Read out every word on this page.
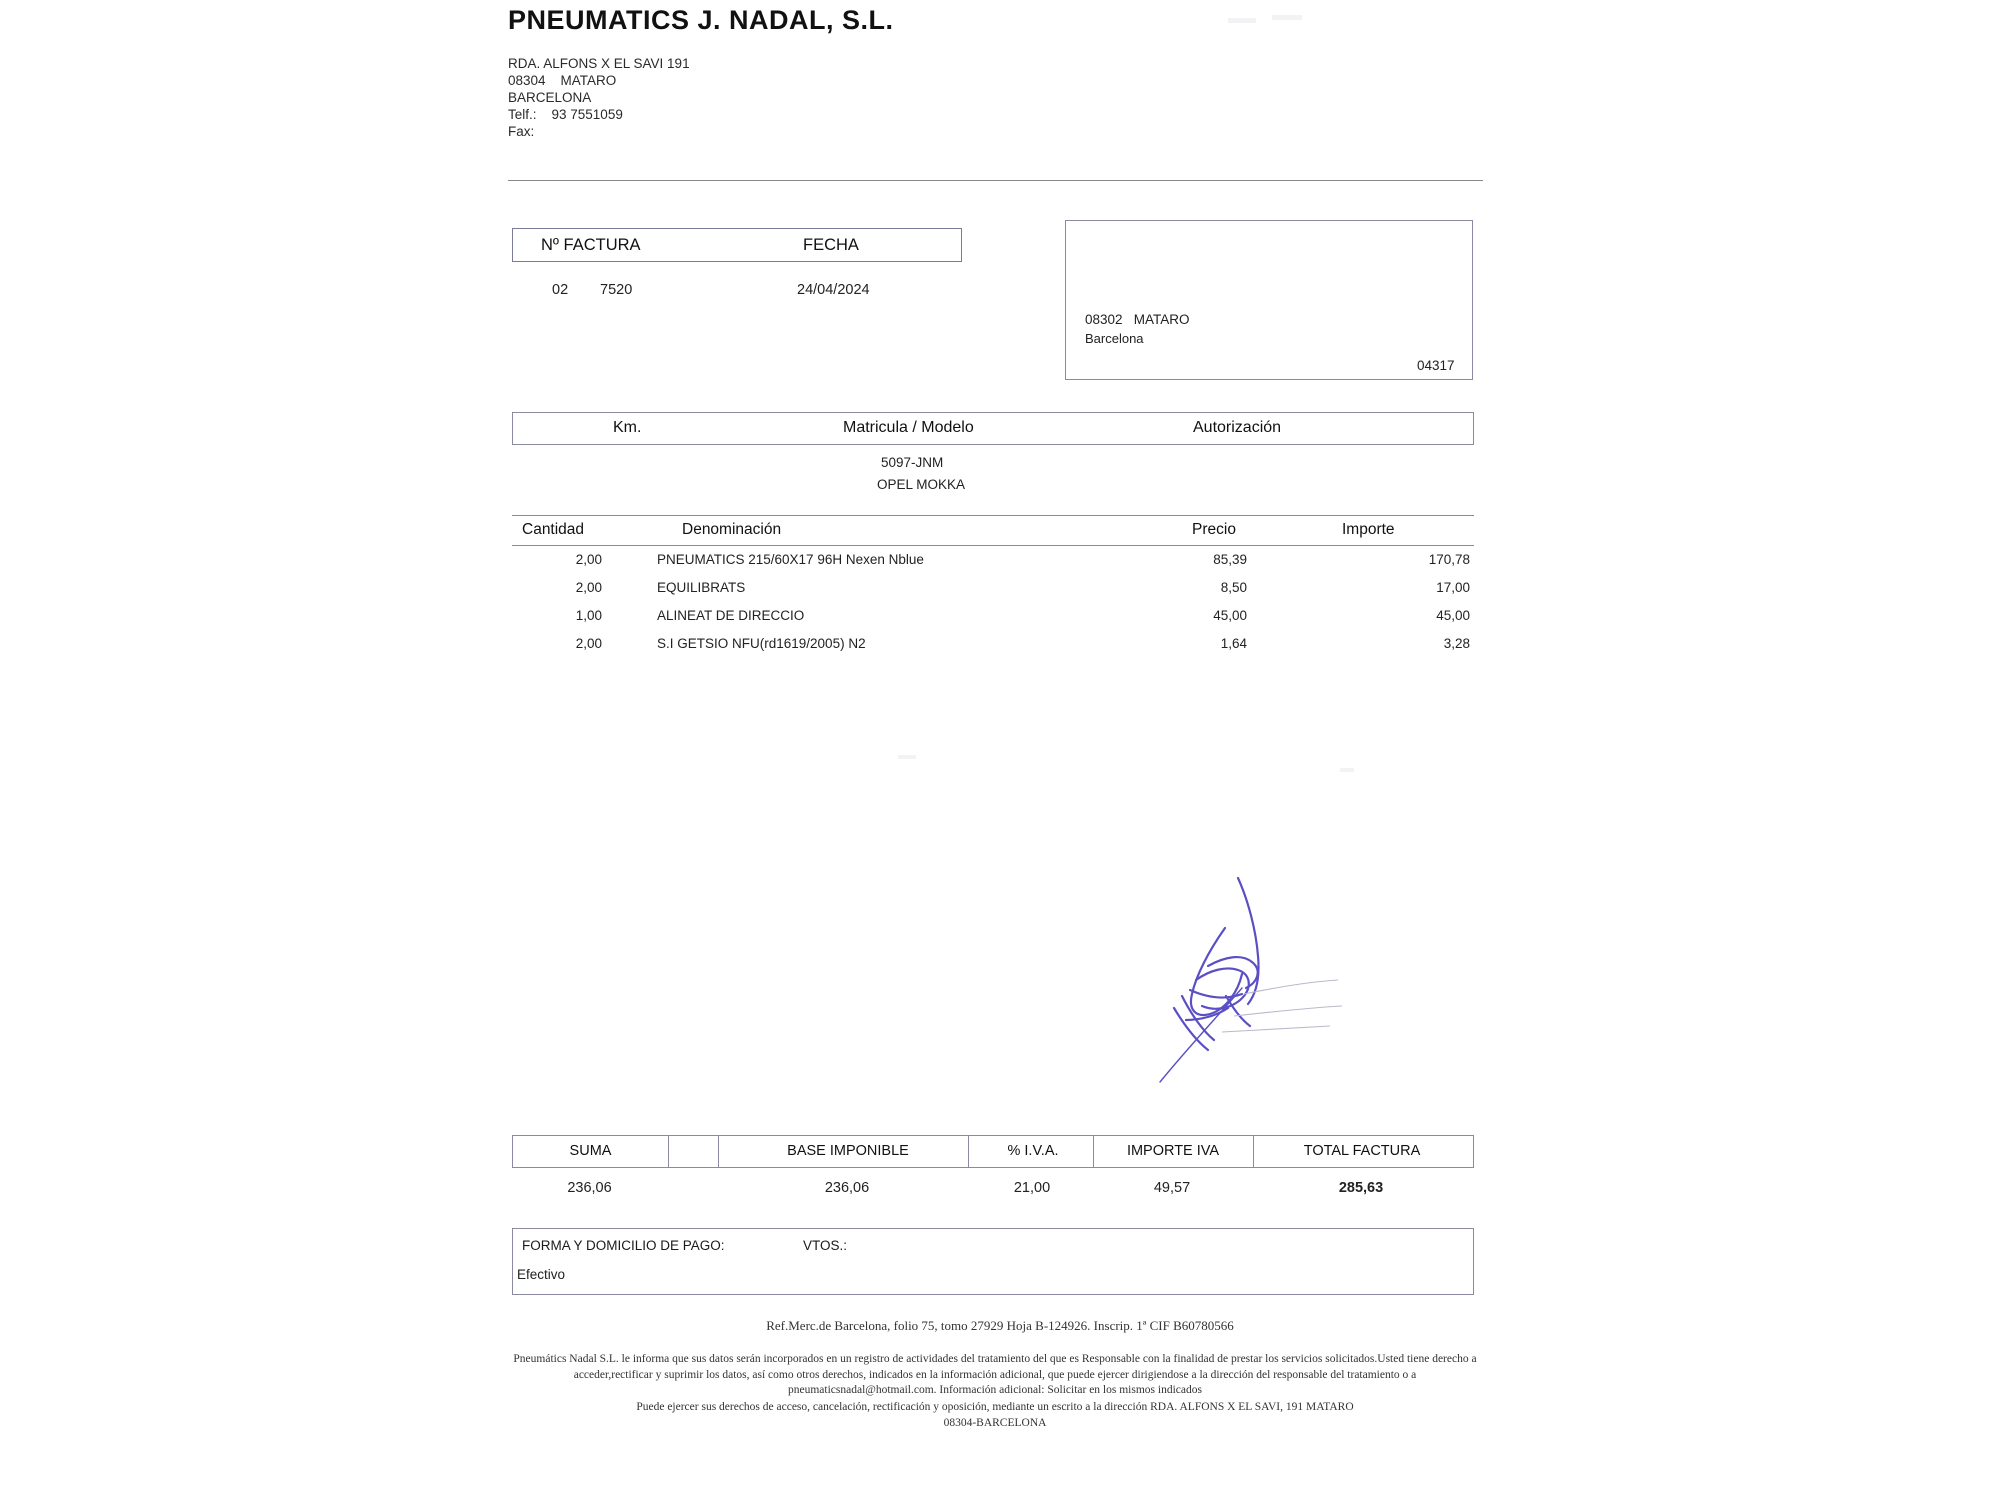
PNEUMATICS J. NADAL, S.L.
RDA. ALFONS X EL SAVI 191
08304    MATARO
BARCELONA
Telf.:    93 7551059
Fax:
Nº FACTURA	FECHA
02 7520	24/04/2024
08302   MATARO
Barcelona
04317
Km.	Matricula / Modelo	Autorización
5097-JNM
OPEL MOKKA
Cantidad	Denominación	Precio	Importe
2,00	PNEUMATICS 215/60X17 96H Nexen Nblue	85,39	170,78
2,00	EQUILIBRATS	8,50	17,00
1,00	ALINEAT DE DIRECCIO	45,00	45,00
2,00	S.I GETSIO NFU(rd1619/2005) N2	1,64	3,28
SUMA	BASE IMPONIBLE	% I.V.A.	IMPORTE IVA	TOTAL FACTURA
236,06	236,06	21,00	49,57	285,63
FORMA Y DOMICILIO DE PAGO:	VTOS.:
Efectivo
Ref.Merc.de Barcelona, folio 75, tomo 27929 Hoja B-124926. Inscrip. 1ª CIF B60780566
Pneumátics Nadal S.L. le informa que sus datos serán incorporados en un registro de actividades del tratamiento del que es Responsable con la finalidad de prestar los servicios solicitados.Usted tiene derecho a acceder,rectificar y suprimir los datos, así como otros derechos, indicados en la información adicional, que puede ejercer dirigiendose a la dirección del responsable del tratamiento o a pneumaticsnadal@hotmail.com. Información adicional: Solicitar en los mismos indicados
Puede ejercer sus derechos de acceso, cancelación, rectificación y oposición, mediante un escrito a la dirección RDA. ALFONS X EL SAVI, 191 MATARO
08304-BARCELONA
